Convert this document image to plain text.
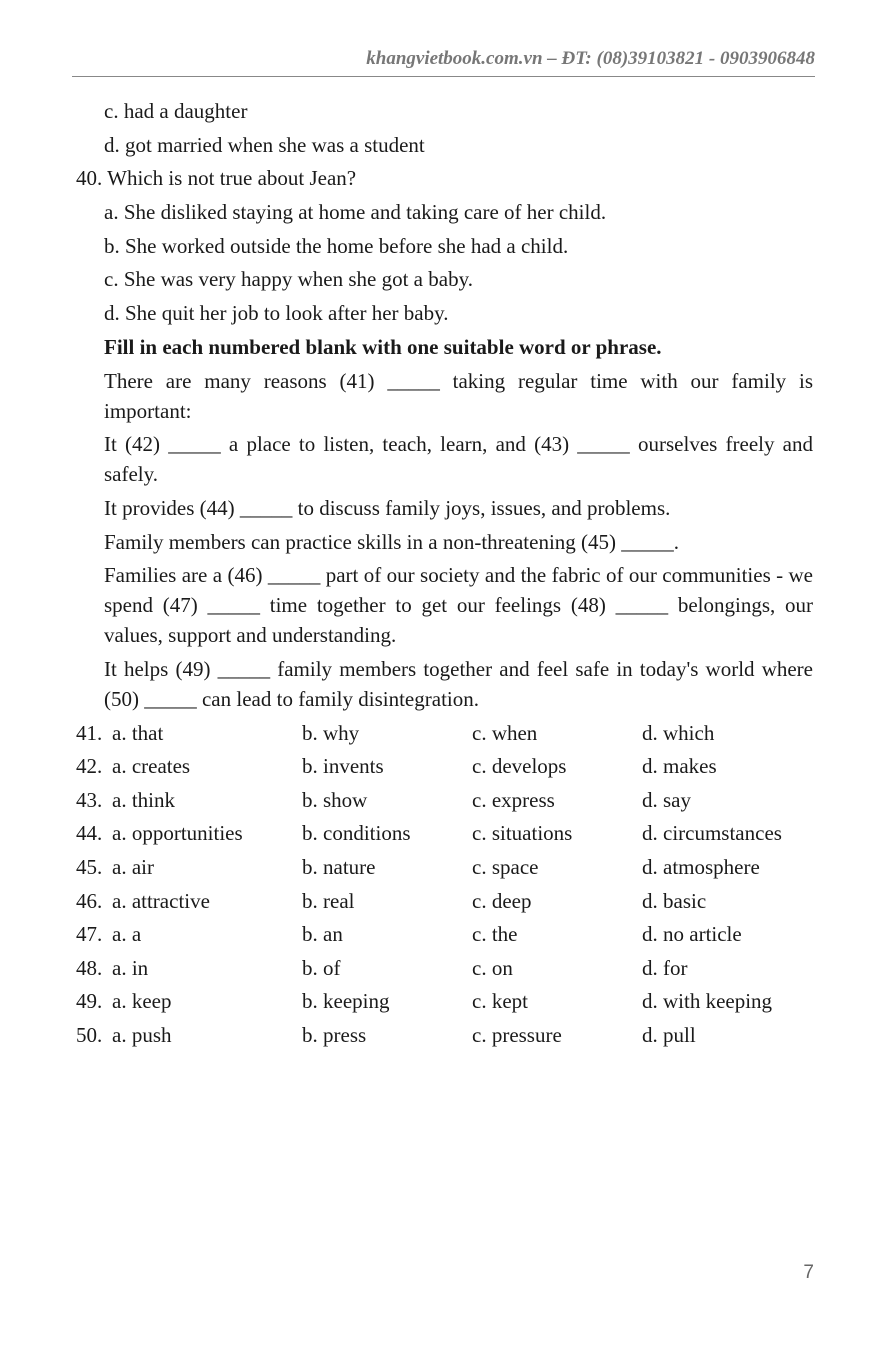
khangvietbook.com.vn – ĐT: (08)39103821 - 0903906848
c. had a daughter
d. got married when she was a student
40. Which is not true about Jean?
a. She disliked staying at home and taking care of her child.
b. She worked outside the home before she had a child.
c. She was very happy when she got a baby.
d. She quit her job to look after her baby.
Fill in each numbered blank with one suitable word or phrase.
There are many reasons (41) _____ taking regular time with our family is important:
It (42) _____ a place to listen, teach, learn, and (43) _____ ourselves freely and safely.
It provides (44) _____ to discuss family joys, issues, and problems.
Family members can practice skills in a non-threatening (45) _____.
Families are a (46) _____ part of our society and the fabric of our communities - we spend (47) _____ time together to get our feelings (48) _____ belongings, our values, support and understanding.
It helps (49) _____ family members together and feel safe in today's world where (50) _____ can lead to family disintegration.
41. a. that	b. why	c. when	d. which
42. a. creates	b. invents	c. develops	d. makes
43. a. think	b. show	c. express	d. say
44. a. opportunities	b. conditions	c. situations	d. circumstances
45. a. air	b. nature	c. space	d. atmosphere
46. a. attractive	b. real	c. deep	d. basic
47. a. a	b. an	c. the	d. no article
48. a. in	b. of	c. on	d. for
49. a. keep	b. keeping	c. kept	d. with keeping
50. a. push	b. press	c. pressure	d. pull
7
